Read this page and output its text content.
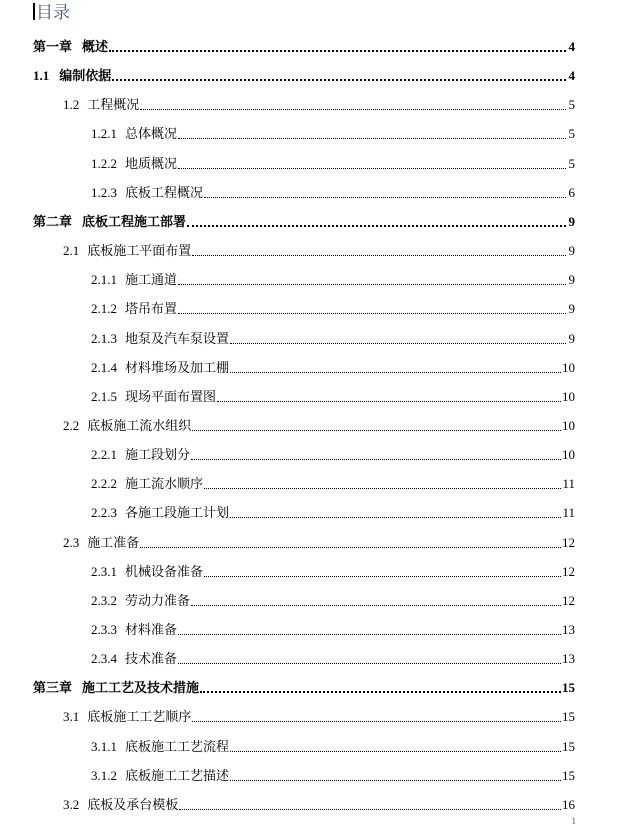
目录
第一章 概述	4
1.1 编制依据	4
1.2 工程概况	5
1.2.1 总体概况	5
1.2.2 地质概况	5
1.2.3 底板工程概况	6
第二章 底板工程施工部署	9
2.1 底板施工平面布置	9
2.1.1 施工通道	9
2.1.2 塔吊布置	9
2.1.3 地泵及汽车泵设置	9
2.1.4 材料堆场及加工棚	10
2.1.5 现场平面布置图	10
2.2 底板施工流水组织	10
2.2.1 施工段划分	10
2.2.2 施工流水顺序	11
2.2.3 各施工段施工计划	11
2.3 施工准备	12
2.3.1 机械设备准备	12
2.3.2 劳动力准备	12
2.3.3 材料准备	13
2.3.4 技术准备	13
第三章 施工工艺及技术措施	15
3.1 底板施工工艺顺序	15
3.1.1 底板施工工艺流程	15
3.1.2 底板施工工艺描述	15
3.2 底板及承台模板	16
1
